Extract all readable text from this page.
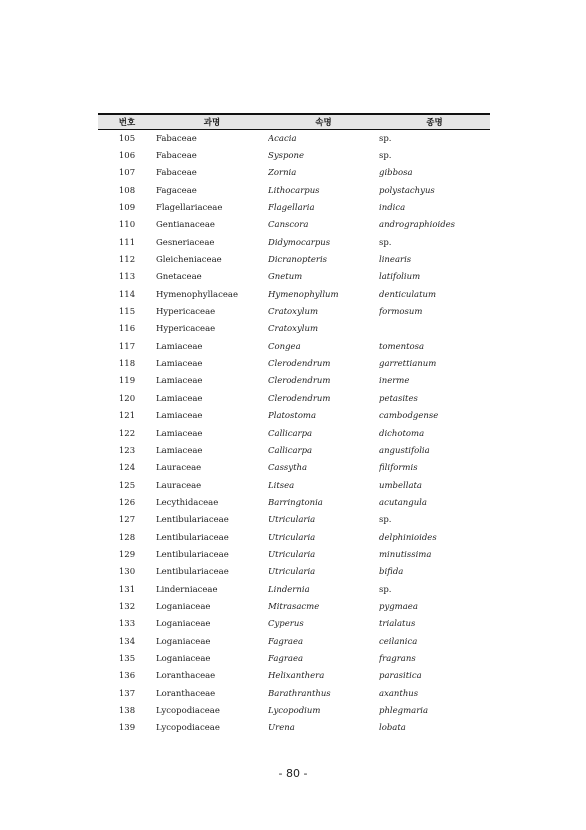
번호	과명	속명	종명
105	Fabaceae	Acacia	sp.
106	Fabaceae	Syspone	sp.
107	Fabaceae	Zornia	gibbosa
108	Fagaceae	Lithocarpus	polystachyus
109	Flagellariaceae	Flagellaria	indica
110	Gentianaceae	Canscora	andrographioides
111	Gesneriaceae	Didymocarpus	sp.
112	Gleicheniaceae	Dicranopteris	linearis
113	Gnetaceae	Gnetum	latifolium
114	Hymenophyllaceae	Hymenophyllum	denticulatum
115	Hypericaceae	Cratoxylum	formosum
116	Hypericaceae	Cratoxylum
117	Lamiaceae	Congea	tomentosa
118	Lamiaceae	Clerodendrum	garrettianum
119	Lamiaceae	Clerodendrum	inerme
120	Lamiaceae	Clerodendrum	petasites
121	Lamiaceae	Platostoma	cambodgense
122	Lamiaceae	Callicarpa	dichotoma
123	Lamiaceae	Callicarpa	angustifolia
124	Lauraceae	Cassytha	filiformis
125	Lauraceae	Litsea	umbellata
126	Lecythidaceae	Barringtonia	acutangula
127	Lentibulariaceae	Utricularia	sp.
128	Lentibulariaceae	Utricularia	delphinioides
129	Lentibulariaceae	Utricularia	minutissima
130	Lentibulariaceae	Utricularia	bifida
131	Linderniaceae	Lindernia	sp.
132	Loganiaceae	Mitrasacme	pygmaea
133	Loganiaceae	Cyperus	trialatus
134	Loganiaceae	Fagraea	ceilanica
135	Loganiaceae	Fagraea	fragrans
136	Loranthaceae	Helixanthera	parasitica
137	Loranthaceae	Barathranthus	axanthus
138	Lycopodiaceae	Lycopodium	phlegmaria
139	Lycopodiaceae	Urena	lobata
- 80 -
